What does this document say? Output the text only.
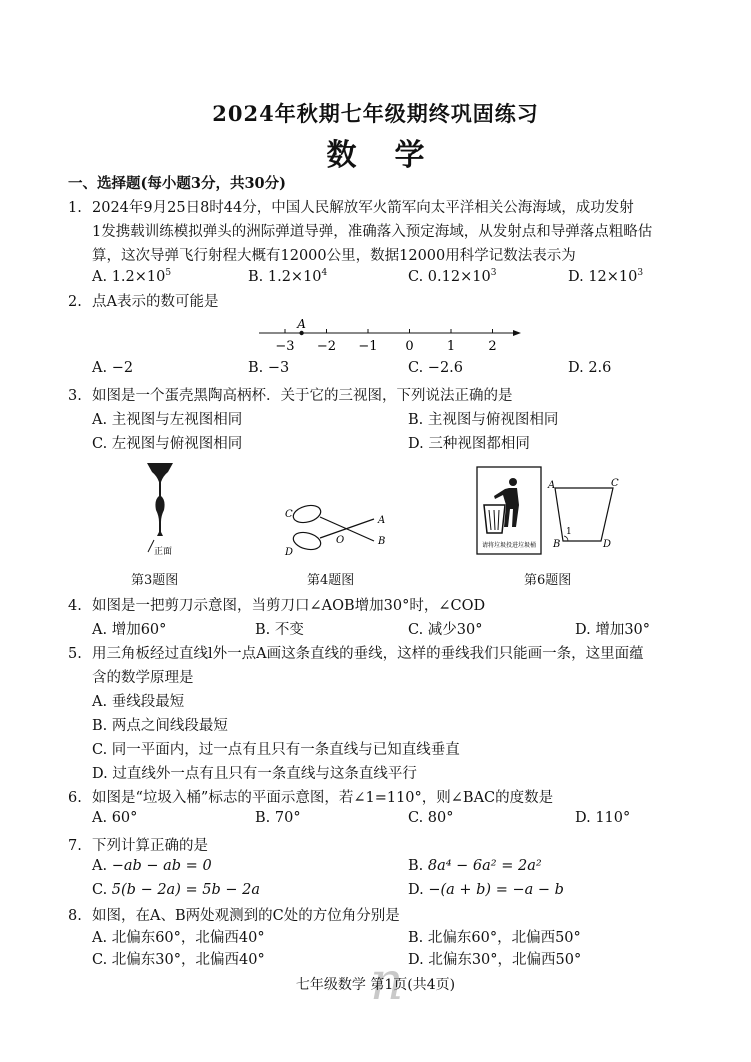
2024年秋期七年级期终巩固练习
数学
一、选择题(每小题3分，共30分)
1. 2024年9月25日8时44分，中国人民解放军火箭军向太平洋相关公海海域，成功发射
1发携载训练模拟弹头的洲际弹道导弹，准确落入预定海域，从发射点和导弹落点粗略估
算，这次导弹飞行射程大概有12000公里，数据12000用科学记数法表示为
A. $1.2\times 10^5$	B. $1.2\times 10^4$	C. $0.12\times 10^3$	D. $12\times 10^3$
2. 点A表示的数可能是
−3 −2 −1 0	1	2
A
A. −2	B. −3	C. −2.6	D. 2.6
3. 如图是一个蛋壳黑陶高柄杯．关于它的三视图，下列说法正确的是
A. 主视图与左视图相同	B. 主视图与俯视图相同
C. 左视图与俯视图相同	D. 三种视图都相同
正面
第3题图
C
A
O	B
D
第4题图
请将垃圾投进垃圾桶
A	C
B	D
1
第6题图
4. 如图是一把剪刀示意图，当剪刀口∠AOB增加30°时，∠COD
A. 增加60°	B. 不变	C. 减少30°	D. 增加30°
5. 用三角板经过直线l外一点A画这条直线的垂线，这样的垂线我们只能画一条，这里面蕴
含的数学原理是
A. 垂线段最短
B. 两点之间线段最短
C. 同一平面内，过一点有且只有一条直线与已知直线垂直
D. 过直线外一点有且只有一条直线与这条直线平行
6. 如图是“垃圾入桶”标志的平面示意图，若∠1=110°，则∠BAC的度数是
A. 60°	B. 70°	C. 80°	D. 110°
7. 下列计算正确的是
A. −ab − ab = 0	B. 8a⁴ − 6a² = 2a²
C. 5(b − 2a) = 5b − 2a	D. −(a + b) = −a − b
8. 如图，在A、B两处观测到的C处的方位角分别是
A. 北偏东60°，北偏西40°	B. 北偏东60°，北偏西50°
C. 北偏东30°，北偏西40°	D. 北偏东30°，北偏西50°
n
七年级数学 第1页(共4页)
